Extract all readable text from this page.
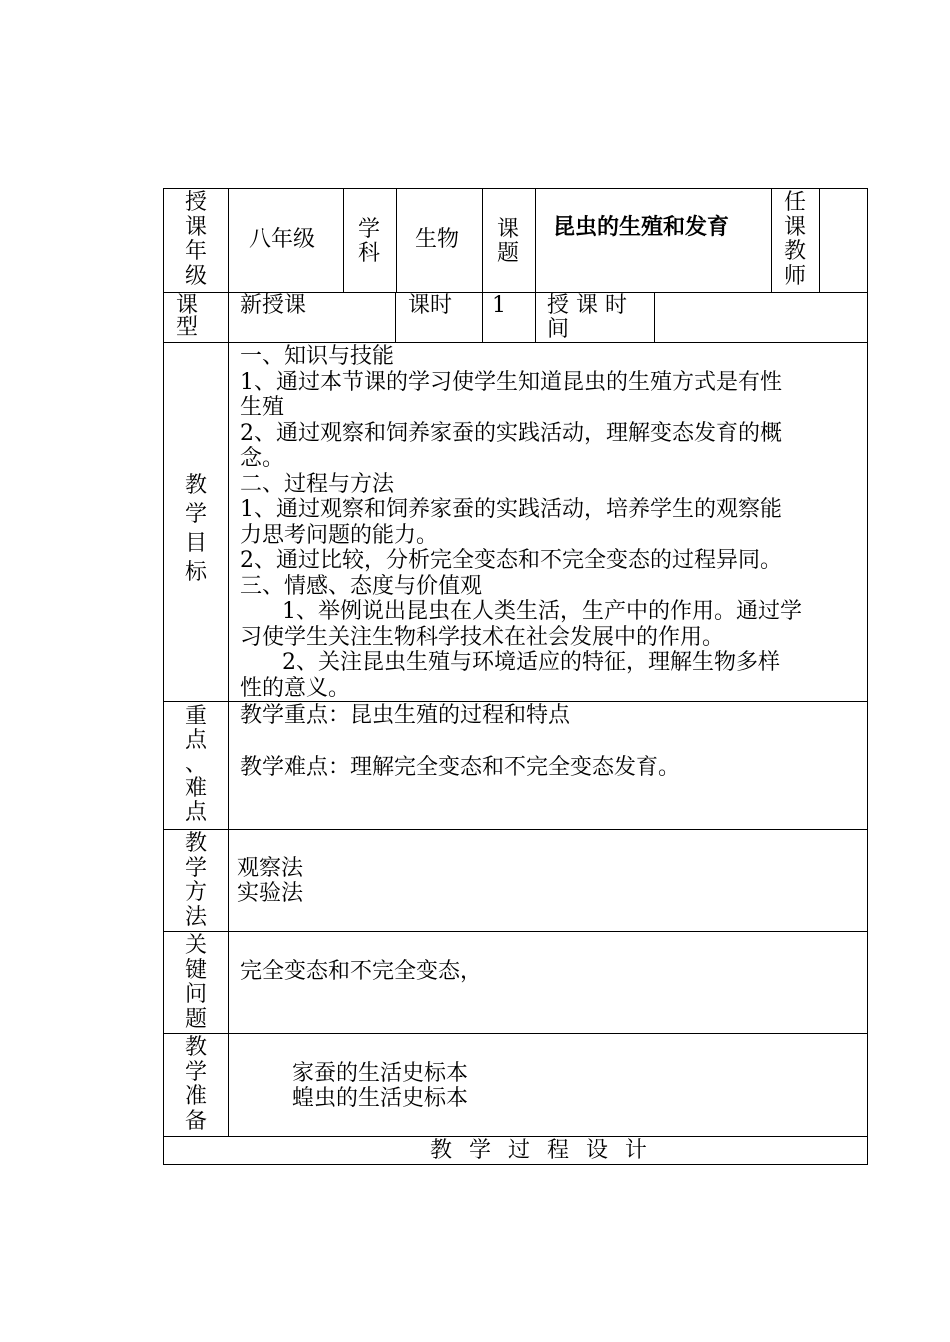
授
课
年
级
八年级 学
科
生物 课
题
昆虫的生殖和发育
任
课
教
师
课
型
新授课	课时 1 授 课 时
间
教
学
目
标
一、知识与技能
1、通过本节课的学习使学生知道昆虫的生殖方式是有性
生殖
2、通过观察和饲养家蚕的实践活动，理解变态发育的概
念。
二、过程与方法
1、通过观察和饲养家蚕的实践活动，培养学生的观察能
力思考问题的能力。
2、通过比较，分析完全变态和不完全变态的过程异同。
三、情感、态度与价值观
1、举例说出昆虫在人类生活，生产中的作用。通过学
习使学生关注生物科学技术在社会发展中的作用。
2、关注昆虫生殖与环境适应的特征，理解生物多样
性的意义。
重
点
、
难
点
教学重点：昆虫生殖的过程和特点
教学难点：理解完全变态和不完全变态发育。
教
学
方
法
观察法
实验法
关
键
问
题
完全变态和不完全变态，
教
学
准
备
家蚕的生活史标本
蝗虫的生活史标本
教  学  过  程  设  计
